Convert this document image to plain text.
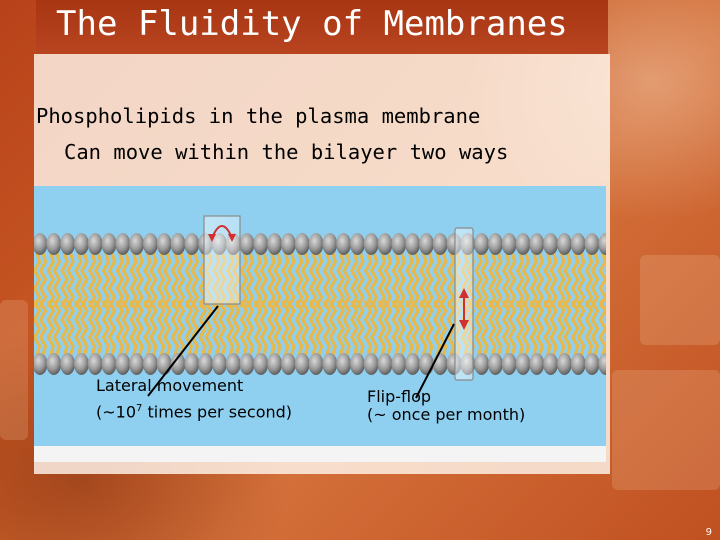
The Fluidity of Membranes
Phospholipids in the plasma membrane
Can move within the bilayer two ways
Lateral movement
($\sim 10^7$ times per second)
Flip-flop
(~ once per month)
9
